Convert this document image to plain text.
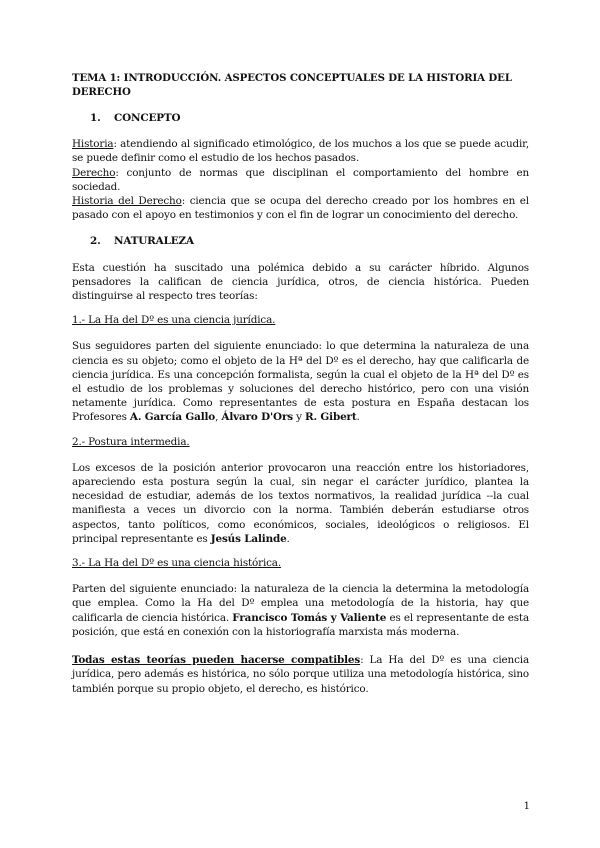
TEMA 1: INTRODUCCIÓN. ASPECTOS CONCEPTUALES DE LA HISTORIA DEL DERECHO
1. CONCEPTO

Historia: atendiendo al significado etimológico, de los muchos a los que se puede acudir, se puede definir como el estudio de los hechos pasados.

Derecho: conjunto de normas que disciplinan el comportamiento del hombre en sociedad.

Historia del Derecho: ciencia que se ocupa del derecho creado por los hombres en el pasado con el apoyo en testimonios y con el fin de lograr un conocimiento del derecho.

2. NATURALEZA

Esta cuestión ha suscitado una polémica debido a su carácter híbrido. Algunos pensadores la califican de ciencia jurídica, otros, de ciencia histórica. Pueden distinguirse al respecto tres teorías:

1.- La Ha del Dº es una ciencia jurídica.

Sus seguidores parten del siguiente enunciado: lo que determina la naturaleza de una ciencia es su objeto; como el objeto de la Hª del Dº es el derecho, hay que calificarla de ciencia jurídica. Es una concepción formalista, según la cual el objeto de la Hª del Dº es el estudio de los problemas y soluciones del derecho histórico, pero con una visión netamente jurídica. Como representantes de esta postura en España destacan los Profesores A. García Gallo, Álvaro D'Ors y R. Gibert.

2.- Postura intermedia.

Los excesos de la posición anterior provocaron una reacción entre los historiadores, apareciendo esta postura según la cual, sin negar el carácter jurídico, plantea la necesidad de estudiar, además de los textos normativos, la realidad jurídica --la cual manifiesta a veces un divorcio con la norma. También deberán estudiarse otros aspectos, tanto políticos, como económicos, sociales, ideológicos o religiosos. El principal representante es Jesús Lalinde.

3.- La Ha del Dº es una ciencia histórica.

Parten del siguiente enunciado: la naturaleza de la ciencia la determina la metodología que emplea. Como la Ha del Dº emplea una metodología de la historia, hay que calificarla de ciencia histórica. Francisco Tomás y Valiente es el representante de esta posición, que está en conexión con la historiografía marxista más moderna.

Todas estas teorías pueden hacerse compatibles: La Ha del Dº es una ciencia jurídica, pero además es histórica, no sólo porque utiliza una metodología histórica, sino también porque su propio objeto, el derecho, es histórico.

1
